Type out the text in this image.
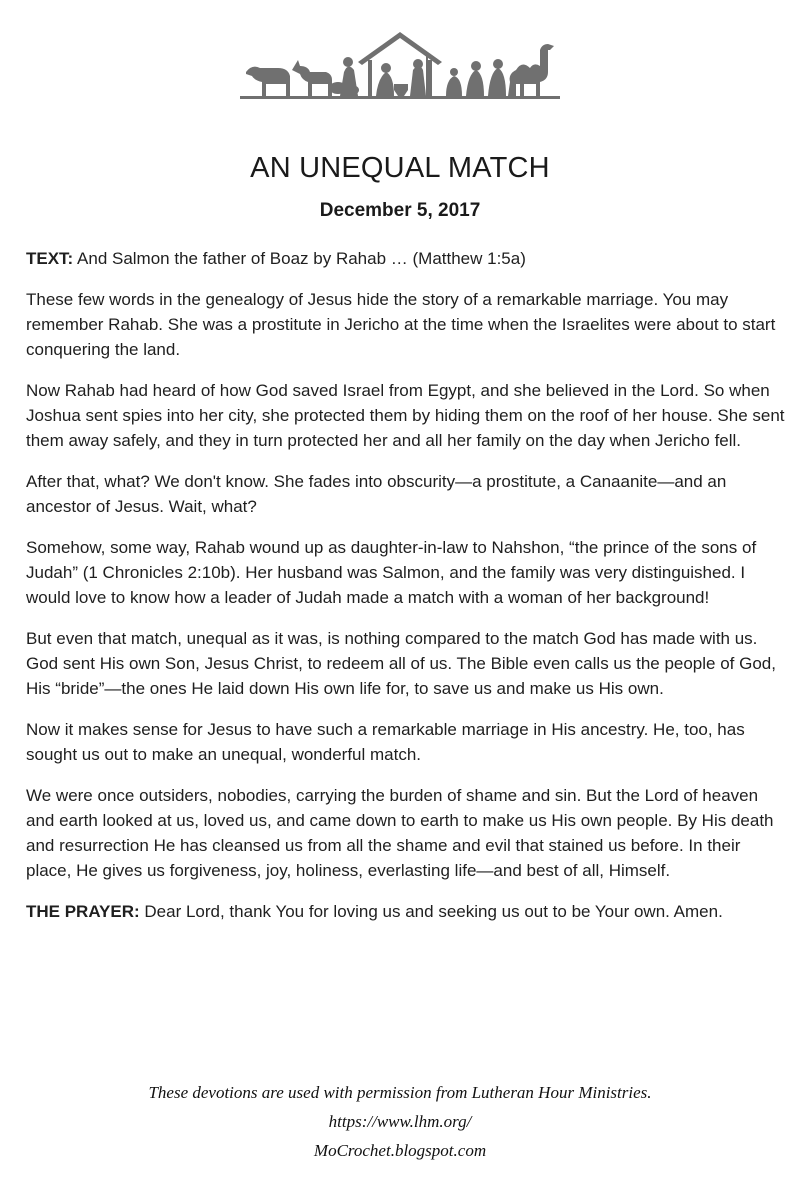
AN UNEQUAL MATCH
December 5, 2017

TEXT: And Salmon the father of Boaz by Rahab … (Matthew 1:5a)

These few words in the genealogy of Jesus hide the story of a remarkable marriage. You may remember Rahab. She was a prostitute in Jericho at the time when the Israelites were about to start conquering the land.

Now Rahab had heard of how God saved Israel from Egypt, and she believed in the Lord. So when Joshua sent spies into her city, she protected them by hiding them on the roof of her house. She sent them away safely, and they in turn protected her and all her family on the day when Jericho fell.

After that, what? We don't know. She fades into obscurity—a prostitute, a Canaanite—and an ancestor of Jesus. Wait, what?

Somehow, some way, Rahab wound up as daughter-in-law to Nahshon, “the prince of the sons of Judah” (1 Chronicles 2:10b). Her husband was Salmon, and the family was very distinguished. I would love to know how a leader of Judah made a match with a woman of her background!

But even that match, unequal as it was, is nothing compared to the match God has made with us. God sent His own Son, Jesus Christ, to redeem all of us. The Bible even calls us the people of God, His “bride”—the ones He laid down His own life for, to save us and make us His own.

Now it makes sense for Jesus to have such a remarkable marriage in His ancestry. He, too, has sought us out to make an unequal, wonderful match.

We were once outsiders, nobodies, carrying the burden of shame and sin. But the Lord of heaven and earth looked at us, loved us, and came down to earth to make us His own people. By His death and resurrection He has cleansed us from all the shame and evil that stained us before. In their place, He gives us forgiveness, joy, holiness, everlasting life—and best of all, Himself.

THE PRAYER: Dear Lord, thank You for loving us and seeking us out to be Your own. Amen.

These devotions are used with permission from Lutheran Hour Ministries.
https://www.lhm.org/
MoCrochet.blogspot.com
